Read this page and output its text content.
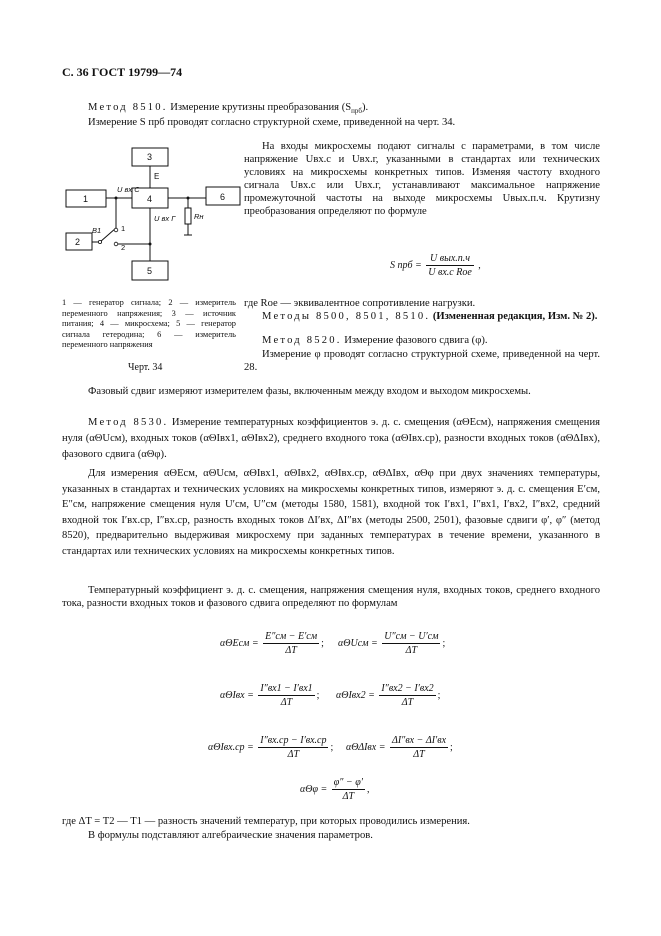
С. 36 ГОСТ 19799—74
Метод 8510. Измерение крутизны преобразования $(S_{прб})$.
Измерение S прб проводят согласно структурной схеме, приведенной на черт. 34.
3
4
1	6
2
5
E
U вх С
U вх Г Rн
В1	1
2
1 — генератор сигнала; 2 — измеритель переменного напряжения; 3 — источник питания; 4 — микросхема; 5 — генератор сигнала гетеродина; 6 — измеритель переменного напряжения
Черт. 34
На входы микросхемы подают сигналы с параметрами, в том числе напряжение Uвх.с и Uвх.г, указанными в стандартах или технических условиях на микросхемы конкретных типов. Изменяя частоту входного сигнала Uвх.с или Uвх.г, устанавливают максимальное напряжение промежуточной частоты на выходе микросхемы Uвых.п.ч. Крутизну преобразования определяют по формуле
S прб = $\frac{\text{U вых.п.ч}}{\text{U вх.с Rое}}$ ,
где Rое — эквивалентное сопротивление нагрузки.
Методы 8500, 8501, 8510. (Измененная редакция, Изм. № 2).
Метод 8520. Измерение фазового сдвига (φ).
Измерение φ проводят согласно структурной схеме, приведенной на черт. 28.
Фазовый сдвиг измеряют измерителем фазы, включенным между входом и выходом микросхемы.
Метод 8530. Измерение температурных коэффициентов э. д. с. смещения (αΘEсм), напряжения смещения нуля (αΘUсм), входных токов (αΘIвх1, αΘIвх2), среднего входного тока (αΘIвх.ср), разности входных токов (αΘΔIвх), фазового сдвига (αΘφ).
Для измерения αΘEсм, αΘUсм, αΘIвх1, αΘIвх2, αΘIвх.ср, αΘΔIвх, αΘφ при двух значениях температуры, указанных в стандартах и технических условиях на микросхемы конкретных типов, измеряют э. д. с. смещения E′см, E″см, напряжение смещения нуля U′см, U″см (методы 1580, 1581), входной ток I′вх1, I″вх1, I′вх2, I″вх2, средний входной ток I′вх.ср, I″вх.ср, разность входных токов ΔI′вх, ΔI″вх (методы 2500, 2501), фазовые сдвиги φ′, φ″ (метод 8520), предварительно выдерживая микросхему при заданных температурах в течение времени, указанного в стандартах или технических условиях на микросхемы конкретных типов.
Температурный коэффициент э. д. с. смещения, напряжения смещения нуля, входных токов, среднего входного тока, разности входных токов и фазового сдвига определяют по формулам
$\alpha\Theta Eсм = \frac{E''см - E'см}{\Delta T}$ ; $\alpha\Theta Uсм = \frac{U''см - U'см}{\Delta T}$ ;
$\alpha\Theta Iвх = \frac{I''вх1 - I'вх1}{\Delta T}$ ; $\alpha\Theta Iвх2 = \frac{I''вх2 - I'вх2}{\Delta T}$ ;
$\alpha\Theta Iвх.ср = \frac{I''вх.ср - I'вх.ср}{\Delta T}$ ; $\alpha\Theta\Delta Iвх = \frac{\Delta I''вх - \Delta I'вх}{\Delta T}$ ;
$\alpha\Theta\varphi = \frac{\varphi'' - \varphi'}{\Delta T}$ ,
где ΔT = T2 — T1 — разность значений температур, при которых проводились измерения.
В формулы подставляют алгебраические значения параметров.
